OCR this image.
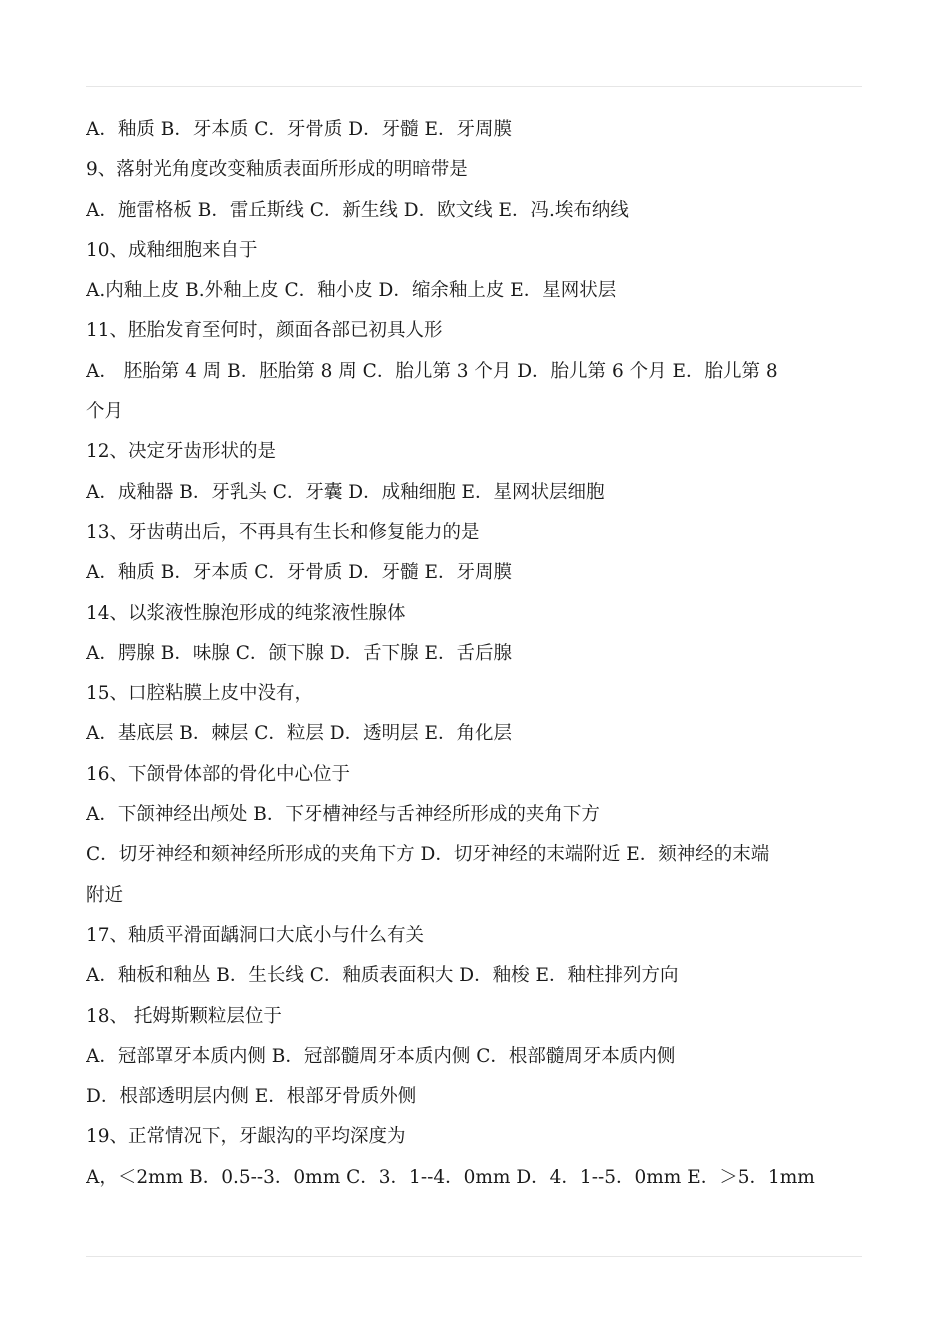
A．釉质 B．牙本质 C．牙骨质 D．牙髓 E．牙周膜
9、落射光角度改变釉质表面所形成的明暗带是
A．施雷格板 B．雷丘斯线 C．新生线 D．欧文线 E．冯.埃布纳线
10、成釉细胞来自于
A.内釉上皮 B.外釉上皮 C．釉小皮 D．缩余釉上皮 E．星网状层
11、胚胎发育至何时，颜面各部已初具人形
A． 胚胎第 4 周 B．胚胎第 8 周 C．胎儿第 3 个月 D．胎儿第 6 个月 E．胎儿第 8
个月
12、决定牙齿形状的是
A．成釉器 B．牙乳头 C．牙囊 D．成釉细胞 E．星网状层细胞
13、牙齿萌出后，不再具有生长和修复能力的是
A．釉质 B．牙本质 C．牙骨质 D．牙髓 E．牙周膜
14、以浆液性腺泡形成的纯浆液性腺体
A．腭腺 B．味腺 C．颌下腺 D．舌下腺 E．舌后腺
15、口腔粘膜上皮中没有，
A．基底层 B．棘层 C．粒层 D．透明层 E．角化层
16、下颌骨体部的骨化中心位于
A．下颌神经出颅处 B．下牙槽神经与舌神经所形成的夹角下方
C．切牙神经和颏神经所形成的夹角下方 D．切牙神经的末端附近 E．颏神经的末端
附近
17、釉质平滑面龋洞口大底小与什么有关
A．釉板和釉丛 B．生长线 C．釉质表面积大 D．釉梭 E．釉柱排列方向
18、 托姆斯颗粒层位于
A．冠部罩牙本质内侧 B．冠部髓周牙本质内侧 C．根部髓周牙本质内侧
D．根部透明层内侧 E．根部牙骨质外侧
19、正常情况下，牙龈沟的平均深度为
A，＜2mm B．0.5--3．0mm C．3．1--4．0mm D．4．1--5．0mm E．＞5．1mm
